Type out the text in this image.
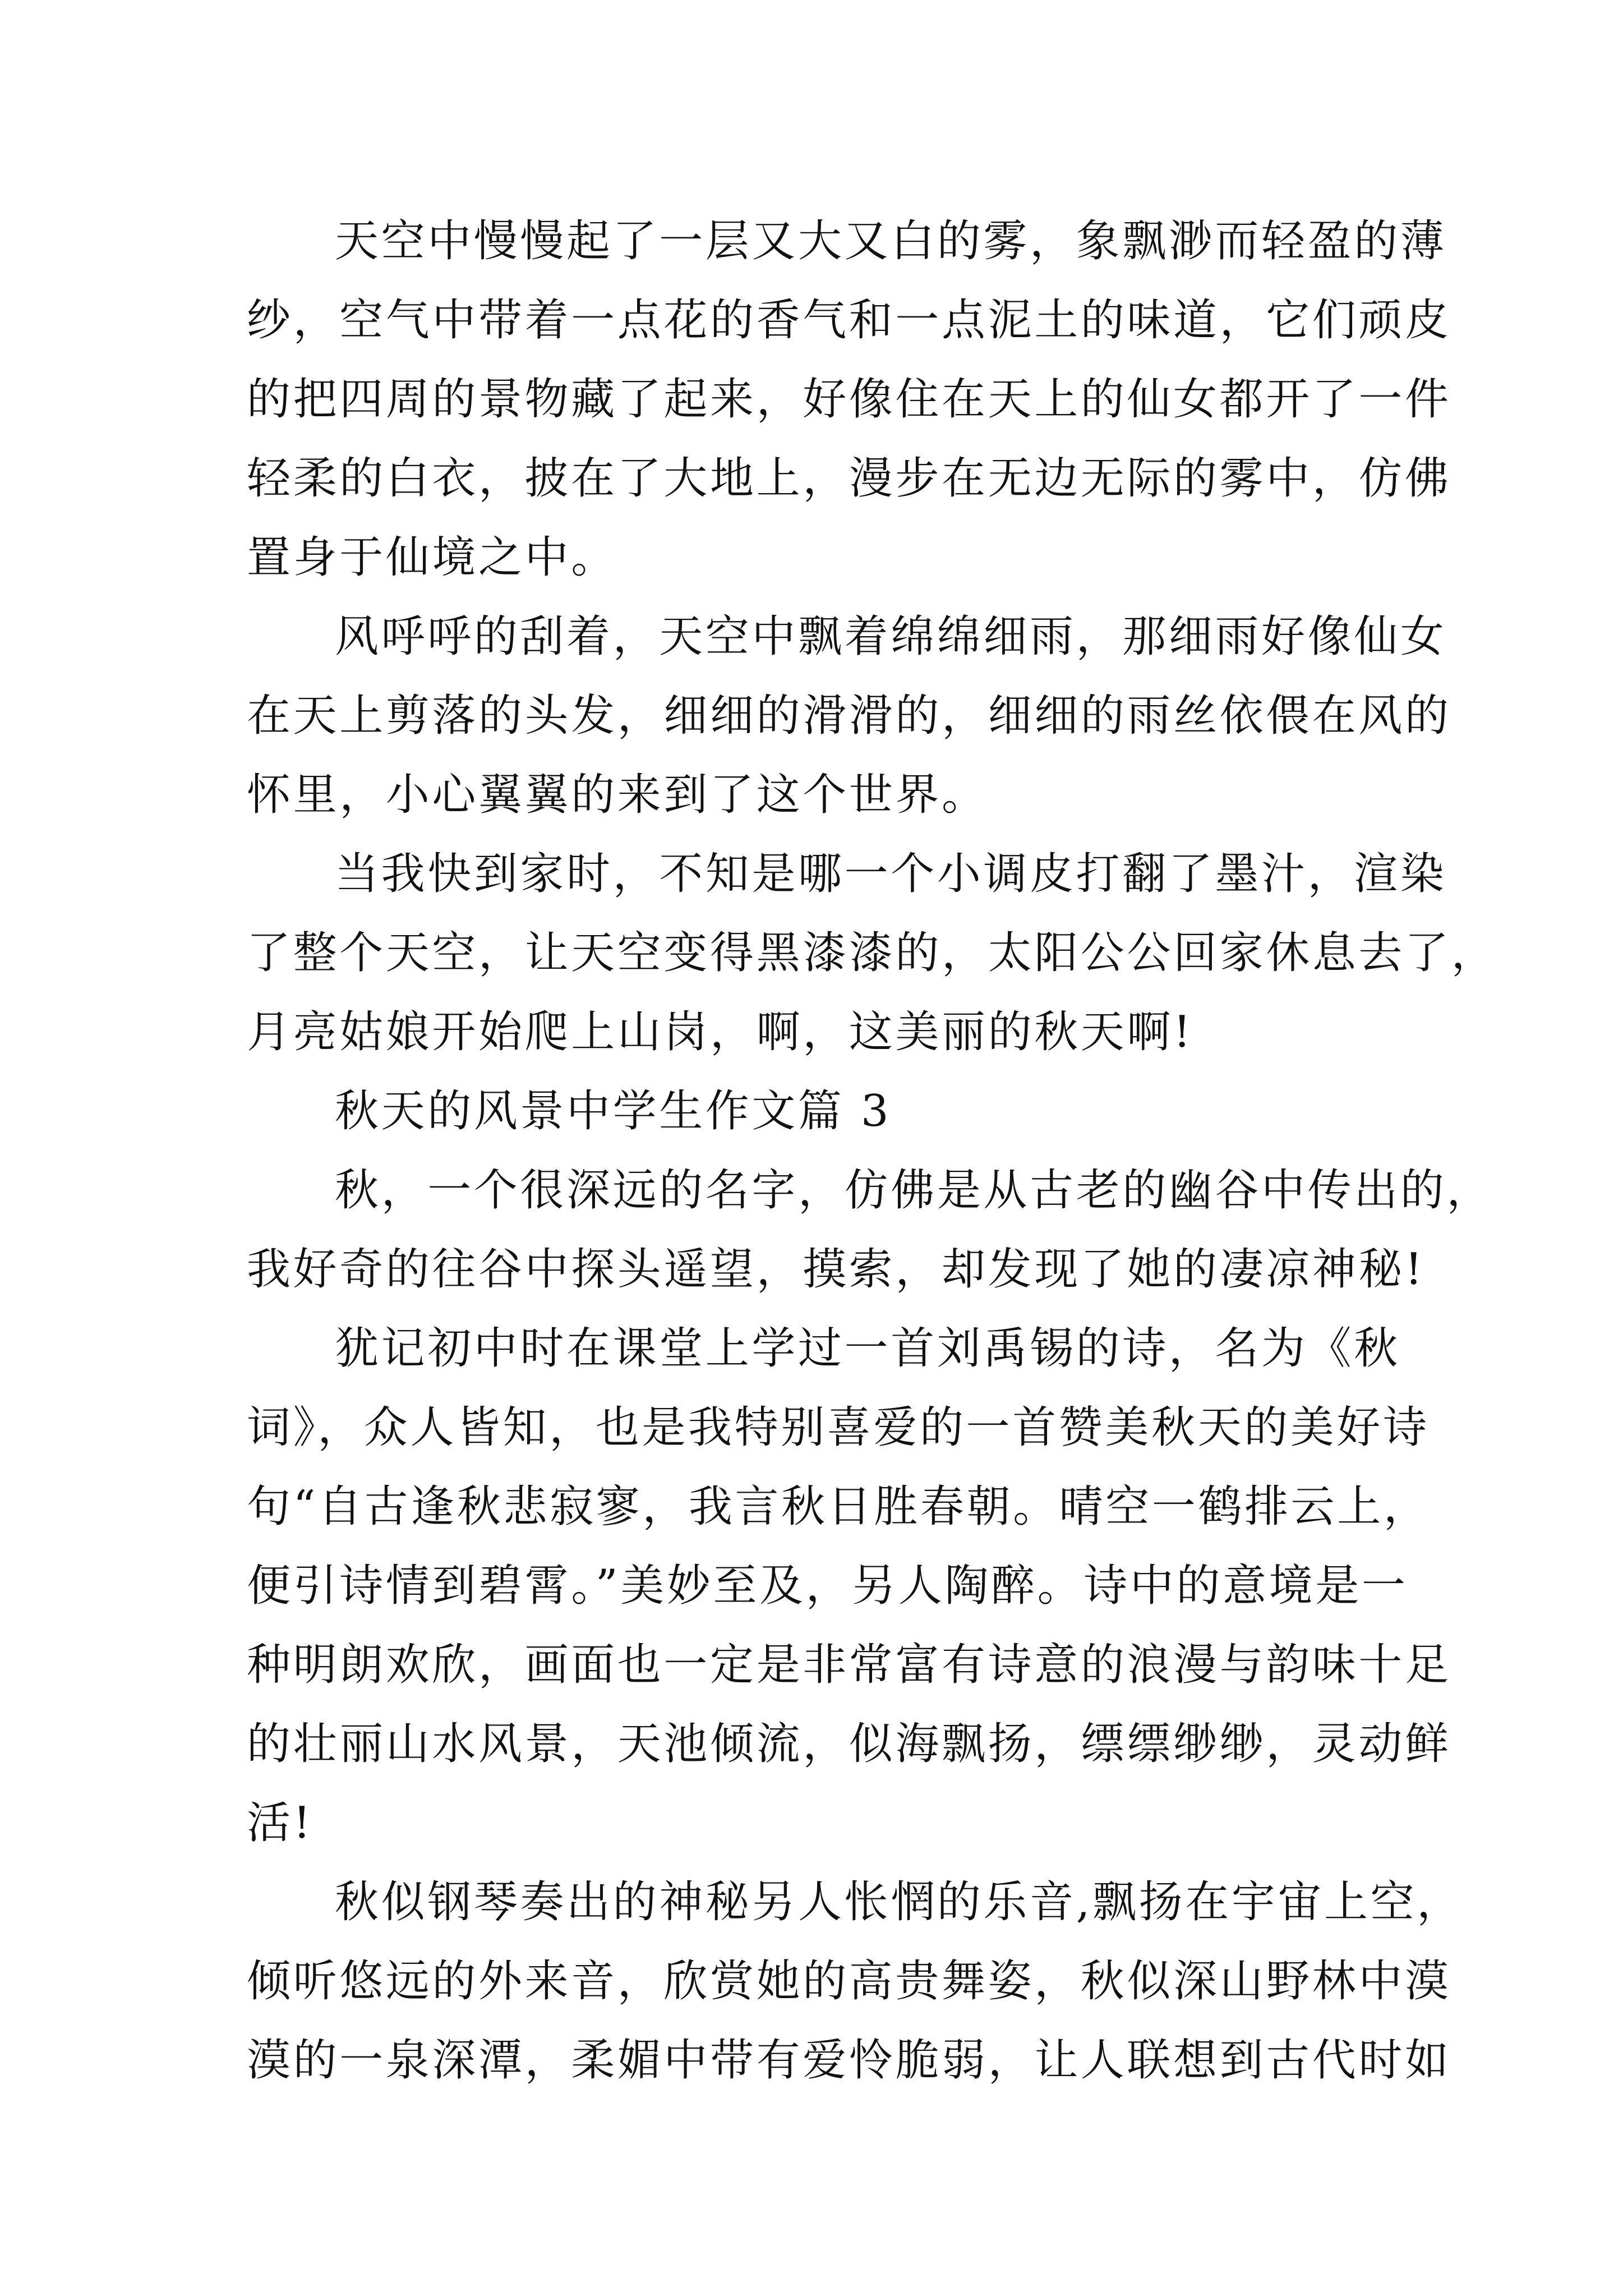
天空中慢慢起了一层又大又白的雾，象飘渺而轻盈的薄
纱，空气中带着一点花的香气和一点泥土的味道，它们顽皮
的把四周的景物藏了起来，好像住在天上的仙女都开了一件
轻柔的白衣，披在了大地上，漫步在无边无际的雾中，仿佛
置身于仙境之中。
风呼呼的刮着，天空中飘着绵绵细雨，那细雨好像仙女
在天上剪落的头发，细细的滑滑的，细细的雨丝依偎在风的
怀里，小心翼翼的来到了这个世界。
当我快到家时，不知是哪一个小调皮打翻了墨汁，渲染
了整个天空，让天空变得黑漆漆的，太阳公公回家休息去了，
月亮姑娘开始爬上山岗，啊，这美丽的秋天啊!
秋天的风景中学生作文篇 3
秋，一个很深远的名字，仿佛是从古老的幽谷中传出的，
我好奇的往谷中探头遥望，摸索，却发现了她的凄凉神秘!
犹记初中时在课堂上学过一首刘禹锡的诗，名为《秋
词》，众人皆知，也是我特别喜爱的一首赞美秋天的美好诗
句“自古逢秋悲寂寥，我言秋日胜春朝。晴空一鹤排云上，
便引诗情到碧霄。”美妙至及，另人陶醉。诗中的意境是一
种明朗欢欣，画面也一定是非常富有诗意的浪漫与韵味十足
的壮丽山水风景，天池倾流，似海飘扬，缥缥缈缈，灵动鲜
活!
秋似钢琴奏出的神秘另人怅惘的乐音,飘扬在宇宙上空，
倾听悠远的外来音，欣赏她的高贵舞姿，秋似深山野林中漠
漠的一泉深潭，柔媚中带有爱怜脆弱，让人联想到古代时如
